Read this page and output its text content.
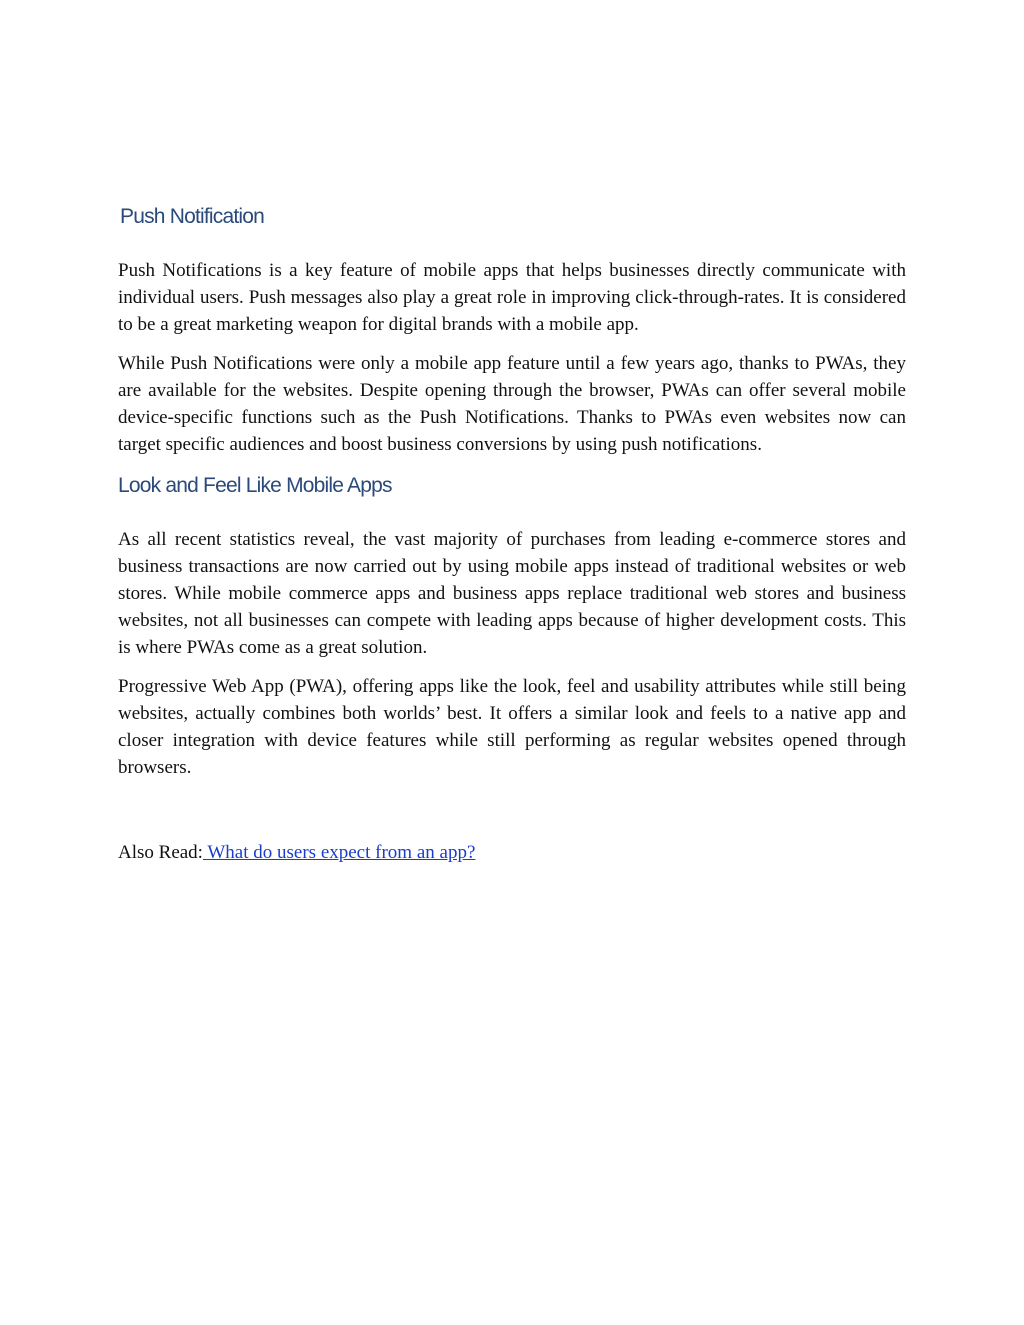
Push Notification

Push Notifications is a key feature of mobile apps that helps businesses directly communicate with individual users. Push messages also play a great role in improving click-through-rates. It is considered to be a great marketing weapon for digital brands with a mobile app.

While Push Notifications were only a mobile app feature until a few years ago, thanks to PWAs, they are available for the websites. Despite opening through the browser, PWAs can offer several mobile device-specific functions such as the Push Notifications. Thanks to PWAs even websites now can target specific audiences and boost business conversions by using push notifications.

Look and Feel Like Mobile Apps

As all recent statistics reveal, the vast majority of purchases from leading e-commerce stores and business transactions are now carried out by using mobile apps instead of traditional websites or web stores. While mobile commerce apps and business apps replace traditional web stores and business websites, not all businesses can compete with leading apps because of higher development costs. This is where PWAs come as a great solution.

Progressive Web App (PWA), offering apps like the look, feel and usability attributes while still being websites, actually combines both worlds’ best. It offers a similar look and feels to a native app and closer integration with device features while still performing as regular websites opened through browsers.

Also Read: What do users expect from an app?
